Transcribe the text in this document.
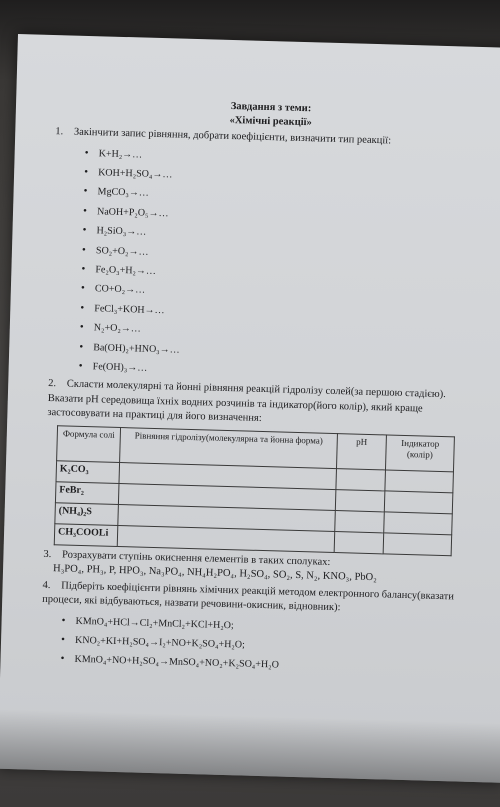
Завдання з теми:
«Хімічні реакції»
1. Закінчити запис рівняння, добрати коефіцієнти, визначити тип реакції:
• K+H₂→…
• KOH+H₂SO₄→…
• MgCO₃→…
• NaOH+P₂O₅→…
• H₂SiO₃→…
• SO₂+O₂→…
• Fe₂O₃+H₂→…
• CO+O₂→…
• FeCl₃+KOH→…
• N₂+O₂→…
• Ba(OH)₂+HNO₃→…
• Fe(OH)₃→…
2. Скласти молекулярні та йонні рівняння реакцій гідролізу солей(за першою стадією). Вказати pH середовища їхніх водних розчинів та індикатор(його колір), який краще застосовувати на практиці для його визначення:
Формула солі	Рівняння гідролізу(молекулярна та йонна форма)	pH	Індикатор (колір)
K₂CO₃			
FeBr₂			
(NH₄)₂S			
CH₃COOLi			
3. Розрахувати ступінь окиснення елементів в таких сполуках:
H₃PO₄, PH₃, P, HPO₃, Na₃PO₄, NH₄H₂PO₄, H₂SO₄, SO₂, S, N₂, KNO₃, PbO₂
4. Підберіть коефіцієнти рівнянь хімічних реакцій методом електронного балансу(вказати процеси, які відбуваються, назвати речовини-окисник, відновник):
• KMnO₄+HCl→Cl₂+MnCl₂+KCl+H₂O;
• KNO₂+KI+H₂SO₄→I₂+NO+K₂SO₄+H₂O;
• KMnO₄+NO+H₂SO₄→MnSO₄+NO₂+K₂SO₄+H₂O
